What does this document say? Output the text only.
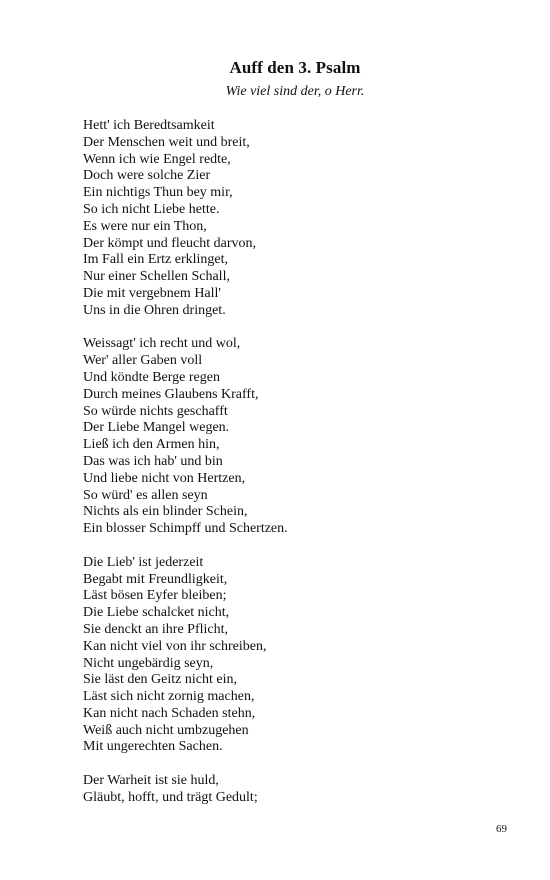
Auff den 3. Psalm
Wie viel sind der, o Herr.
Hett' ich Beredtsamkeit
Der Menschen weit und breit,
Wenn ich wie Engel redte,
Doch were solche Zier
Ein nichtigs Thun bey mir,
So ich nicht Liebe hette.
Es were nur ein Thon,
Der kömpt und fleucht darvon,
Im Fall ein Ertz erklinget,
Nur einer Schellen Schall,
Die mit vergebnem Hall'
Uns in die Ohren dringet.
Weissagt' ich recht und wol,
Wer' aller Gaben voll
Und köndte Berge regen
Durch meines Glaubens Krafft,
So würde nichts geschafft
Der Liebe Mangel wegen.
Ließ ich den Armen hin,
Das was ich hab' und bin
Und liebe nicht von Hertzen,
So würd' es allen seyn
Nichts als ein blinder Schein,
Ein blosser Schimpff und Schertzen.
Die Lieb' ist jederzeit
Begabt mit Freundligkeit,
Läst bösen Eyfer bleiben;
Die Liebe schalcket nicht,
Sie denckt an ihre Pflicht,
Kan nicht viel von ihr schreiben,
Nicht ungebärdig seyn,
Sie läst den Geitz nicht ein,
Läst sich nicht zornig machen,
Kan nicht nach Schaden stehn,
Weiß auch nicht umbzugehen
Mit ungerechten Sachen.
Der Warheit ist sie huld,
Gläubt, hofft, und trägt Gedult;
69
